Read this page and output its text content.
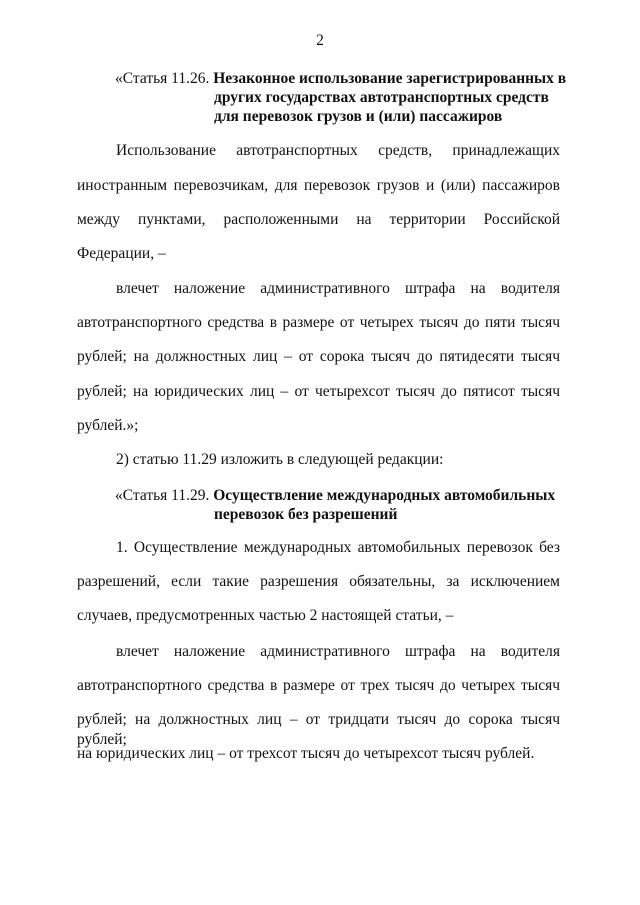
2
«Статья 11.26. Незаконное использование зарегистрированных в
других государствах автотранспортных средств
для перевозок грузов и (или) пассажиров
Использование автотранспортных средств, принадлежащих
иностранным перевозчикам, для перевозок грузов и (или) пассажиров
между пунктами, расположенными на территории Российской
Федерации, –
влечет наложение административного штрафа на водителя
автотранспортного средства в размере от четырех тысяч до пяти тысяч
рублей; на должностных лиц – от сорока тысяч до пятидесяти тысяч
рублей; на юридических лиц – от четырехсот тысяч до пятисот тысяч
рублей.»;
2) статью 11.29 изложить в следующей редакции:
«Статья 11.29. Осуществление международных автомобильных
перевозок без разрешений
1. Осуществление международных автомобильных перевозок без
разрешений, если такие разрешения обязательны, за исключением
случаев, предусмотренных частью 2 настоящей статьи, –
влечет наложение административного штрафа на водителя
автотранспортного средства в размере от трех тысяч до четырех тысяч
рублей; на должностных лиц – от тридцати тысяч до сорока тысяч рублей;
на юридических лиц – от трехсот тысяч до четырехсот тысяч рублей.
